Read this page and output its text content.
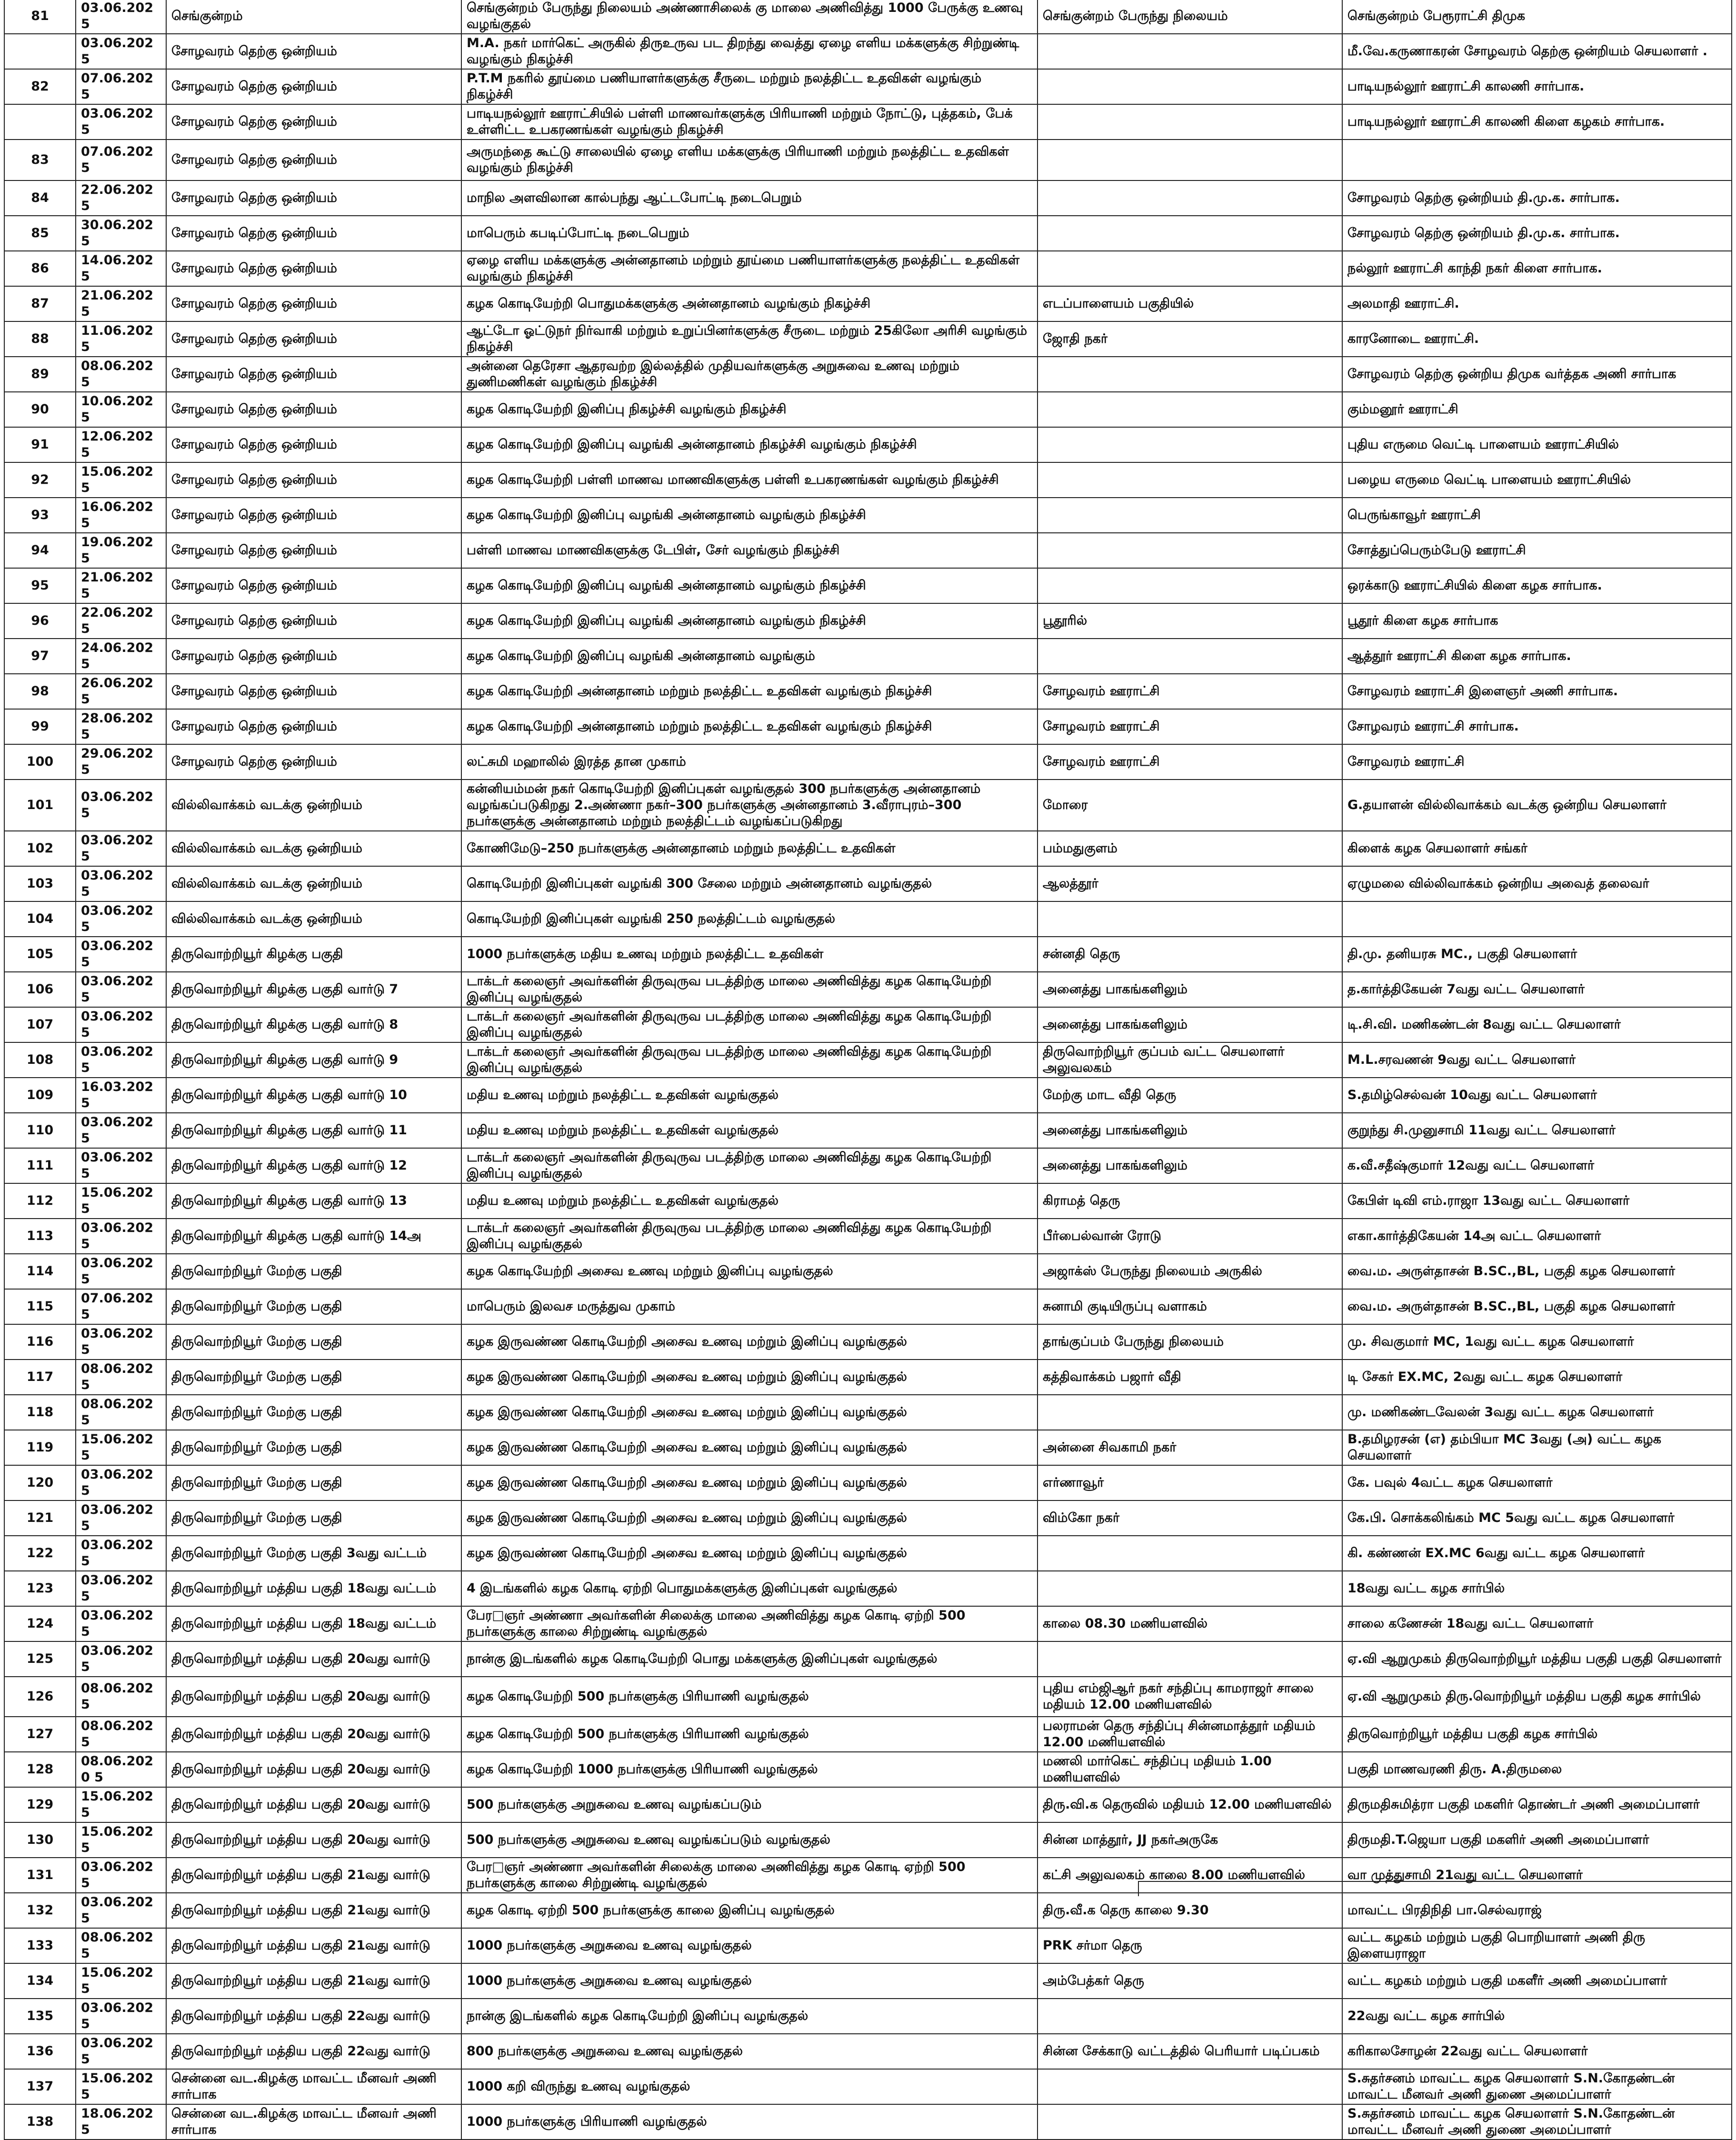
81	03.06.2025	செங்குன்றம்	செங்குன்றம் பேருந்து நிலையம் அண்ணாசிலைக் கு மாலை அணிவித்து 1000 பேருக்கு உணவு வழங்குதல்	செங்குன்றம் பேருந்து நிலையம்	செங்குன்றம் பேரூராட்சி திமுக
	03.06.2025	சோழவரம் தெற்கு ஒன்றியம்	M.A. நகர் மார்கெட் அருகில் திருஉருவ பட திறந்து வைத்து ஏழை எளிய மக்களுக்கு சிற்றுண்டி வழங்கும் நிகழ்ச்சி		மீ.வே.கருணாகரன் சோழவரம் தெற்கு ஒன்றியம் செயலாளர் .
82	07.06.2025	சோழவரம் தெற்கு ஒன்றியம்	P.T.M நகரில் தூய்மை பணியாளர்களுக்கு சீருடை மற்றும் நலத்திட்ட உதவிகள் வழங்கும் நிகழ்ச்சி		பாடியநல்லூர் ஊராட்சி காலணி சார்பாக.
	03.06.2025	சோழவரம் தெற்கு ஒன்றியம்	பாடியநல்லூர் ஊராட்சியில் பள்ளி மாணவர்களுக்கு பிரியாணி மற்றும் நோட்டு, புத்தகம், பேக் உள்ளிட்ட உபகரணங்கள் வழங்கும் நிகழ்ச்சி		பாடியநல்லூர் ஊராட்சி காலணி கிளை கழகம் சார்பாக.
83	07.06.2025	சோழவரம் தெற்கு ஒன்றியம்	அருமந்தை கூட்டு சாலையில் ஏழை எளிய மக்களுக்கு பிரியாணி மற்றும் நலத்திட்ட உதவிகள் வழங்கும் நிகழ்ச்சி		
84	22.06.2025	சோழவரம் தெற்கு ஒன்றியம்	மாநில அளவிலான கால்பந்து ஆட்டபோட்டி நடைபெறும்		சோழவரம் தெற்கு ஒன்றியம் தி.மு.க. சார்பாக.
85	30.06.2025	சோழவரம் தெற்கு ஒன்றியம்	மாபெரும் கபடிப்போட்டி நடைபெறும்		சோழவரம் தெற்கு ஒன்றியம் தி.மு.க. சார்பாக.
86	14.06.2025	சோழவரம் தெற்கு ஒன்றியம்	ஏழை எளிய மக்களுக்கு அன்னதானம் மற்றும் தூய்மை பணியாளர்களுக்கு நலத்திட்ட உதவிகள் வழங்கும் நிகழ்ச்சி		நல்லூர் ஊராட்சி காந்தி நகர் கிளை சார்பாக.
87	21.06.2025	சோழவரம் தெற்கு ஒன்றியம்	கழக கொடியேற்றி பொதுமக்களுக்கு அன்னதானம் வழங்கும் நிகழ்ச்சி	எடப்பாளையம் பகுதியில்	அலமாதி ஊராட்சி.
88	11.06.2025	சோழவரம் தெற்கு ஒன்றியம்	ஆட்டோ ஓட்டுநர் நிர்வாகி மற்றும் உறுப்பினர்களுக்கு சீருடை மற்றும் 25கிலோ அரிசி வழங்கும் நிகழ்ச்சி	ஜோதி நகர்	காரனோடை ஊராட்சி.
89	08.06.2025	சோழவரம் தெற்கு ஒன்றியம்	அன்னை தெரேசா ஆதரவற்ற இல்லத்தில் முதியவர்களுக்கு அறுசுவை உணவு மற்றும் துணிமணிகள் வழங்கும் நிகழ்ச்சி		சோழவரம் தெற்கு ஒன்றிய திமுக வர்த்தக அணி சார்பாக
90	10.06.2025	சோழவரம் தெற்கு ஒன்றியம்	கழக கொடியேற்றி இனிப்பு நிகழ்ச்சி வழங்கும் நிகழ்ச்சி		கும்மனூர் ஊராட்சி
91	12.06.2025	சோழவரம் தெற்கு ஒன்றியம்	கழக கொடியேற்றி இனிப்பு வழங்கி அன்னதானம் நிகழ்ச்சி வழங்கும் நிகழ்ச்சி		புதிய எருமை வெட்டி பாளையம் ஊராட்சியில்
92	15.06.2025	சோழவரம் தெற்கு ஒன்றியம்	கழக கொடியேற்றி பள்ளி மாணவ மாணவிகளுக்கு பள்ளி உபகரணங்கள் வழங்கும் நிகழ்ச்சி		பழைய எருமை வெட்டி பாளையம் ஊராட்சியில்
93	16.06.2025	சோழவரம் தெற்கு ஒன்றியம்	கழக கொடியேற்றி இனிப்பு வழங்கி அன்னதானம் வழங்கும் நிகழ்ச்சி		பெருங்காவூர் ஊராட்சி
94	19.06.2025	சோழவரம் தெற்கு ஒன்றியம்	பள்ளி மாணவ மாணவிகளுக்கு டேபிள், சேர் வழங்கும் நிகழ்ச்சி		சோத்துப்பெரும்பேடு ஊராட்சி
95	21.06.2025	சோழவரம் தெற்கு ஒன்றியம்	கழக கொடியேற்றி இனிப்பு வழங்கி அன்னதானம் வழங்கும் நிகழ்ச்சி		ஒரக்காடு ஊராட்சியில் கிளை கழக சார்பாக.
96	22.06.2025	சோழவரம் தெற்கு ஒன்றியம்	கழக கொடியேற்றி இனிப்பு வழங்கி அன்னதானம் வழங்கும் நிகழ்ச்சி	பூதூரில்	பூதூர் கிளை கழக சார்பாக
97	24.06.2025	சோழவரம் தெற்கு ஒன்றியம்	கழக கொடியேற்றி இனிப்பு வழங்கி அன்னதானம் வழங்கும்		ஆத்தூர் ஊராட்சி கிளை கழக சார்பாக.
98	26.06.2025	சோழவரம் தெற்கு ஒன்றியம்	கழக கொடியேற்றி அன்னதானம் மற்றும் நலத்திட்ட உதவிகள் வழங்கும் நிகழ்ச்சி	சோழவரம் ஊராட்சி	சோழவரம் ஊராட்சி இளைஞர் அணி சார்பாக.
99	28.06.2025	சோழவரம் தெற்கு ஒன்றியம்	கழக கொடியேற்றி அன்னதானம் மற்றும் நலத்திட்ட உதவிகள் வழங்கும் நிகழ்ச்சி	சோழவரம் ஊராட்சி	சோழவரம் ஊராட்சி சார்பாக.
100	29.06.2025	சோழவரம் தெற்கு ஒன்றியம்	லட்சுமி மஹாலில் இரத்த தான முகாம்	சோழவரம் ஊராட்சி	சோழவரம் ஊராட்சி
101	03.06.2025	வில்லிவாக்கம் வடக்கு ஒன்றியம்	கன்னியம்மன் நகர் கொடியேற்றி இனிப்புகள் வழங்குதல் 300 நபர்களுக்கு அன்னதானம் வழங்கப்படுகிறது 2.அண்ணா நகர்–300 நபர்களுக்கு அன்னதானம் 3.வீராபுரம்–300 நபர்களுக்கு அன்னதானம் மற்றும் நலத்திட்டம் வழங்கப்படுகிறது	மோரை	G.தயாளன் வில்லிவாக்கம் வடக்கு ஒன்றிய செயலாளர்
102	03.06.2025	வில்லிவாக்கம் வடக்கு ஒன்றியம்	கோணிமேடு–250 நபர்களுக்கு அன்னதானம் மற்றும் நலத்திட்ட உதவிகள்	பம்மதுகுளம்	கிளைக் கழக செயலாளர் சங்கர்
103	03.06.2025	வில்லிவாக்கம் வடக்கு ஒன்றியம்	கொடியேற்றி இனிப்புகள் வழங்கி 300 சேலை மற்றும் அன்னதானம் வழங்குதல்	ஆலத்தூர்	ஏழுமலை வில்லிவாக்கம் ஒன்றிய அவைத் தலைவர்
104	03.06.2025	வில்லிவாக்கம் வடக்கு ஒன்றியம்	கொடியேற்றி இனிப்புகள் வழங்கி 250 நலத்திட்டம் வழங்குதல்		
105	03.06.2025	திருவொற்றியூர் கிழக்கு பகுதி	1000 நபர்களுக்கு மதிய உணவு மற்றும் நலத்திட்ட உதவிகள்	சன்னதி தெரு	தி.மு. தனியரசு MC., பகுதி செயலாளர்
106	03.06.2025	திருவொற்றியூர் கிழக்கு பகுதி வார்டு 7	டாக்டர் கலைஞர் அவர்களின் திருவுருவ படத்திற்கு மாலை அணிவித்து கழக கொடியேற்றி இனிப்பு வழங்குதல்	அனைத்து பாகங்களிலும்	த.கார்த்திகேயன் 7வது வட்ட செயலாளர்
107	03.06.2025	திருவொற்றியூர் கிழக்கு பகுதி வார்டு 8	டாக்டர் கலைஞர் அவர்களின் திருவுருவ படத்திற்கு மாலை அணிவித்து கழக கொடியேற்றி இனிப்பு வழங்குதல்	அனைத்து பாகங்களிலும்	டி.சி.வி. மணிகண்டன் 8வது வட்ட செயலாளர்
108	03.06.2025	திருவொற்றியூர் கிழக்கு பகுதி வார்டு 9	டாக்டர் கலைஞர் அவர்களின் திருவுருவ படத்திற்கு மாலை அணிவித்து கழக கொடியேற்றி இனிப்பு வழங்குதல்	திருவொற்றியூர் குப்பம் வட்ட செயலாளர் அலுவலகம்	M.L.சரவணன் 9வது வட்ட செயலாளர்
109	16.03.2025	திருவொற்றியூர் கிழக்கு பகுதி வார்டு 10	மதிய உணவு மற்றும் நலத்திட்ட உதவிகள் வழங்குதல்	மேற்கு மாட வீதி தெரு	S.தமிழ்செல்வன் 10வது வட்ட செயலாளர்
110	03.06.2025	திருவொற்றியூர் கிழக்கு பகுதி வார்டு 11	மதிய உணவு மற்றும் நலத்திட்ட உதவிகள் வழங்குதல்	அனைத்து பாகங்களிலும்	குறுந்து சி.முனுசாமி 11வது வட்ட செயலாளர்
111	03.06.2025	திருவொற்றியூர் கிழக்கு பகுதி வார்டு 12	டாக்டர் கலைஞர் அவர்களின் திருவுருவ படத்திற்கு மாலை அணிவித்து கழக கொடியேற்றி இனிப்பு வழங்குதல்	அனைத்து பாகங்களிலும்	க.வீ.சதீஷ்குமார் 12வது வட்ட செயலாளர்
112	15.06.2025	திருவொற்றியூர் கிழக்கு பகுதி வார்டு 13	மதிய உணவு மற்றும் நலத்திட்ட உதவிகள் வழங்குதல்	கிராமத் தெரு	கேபிள் டிவி எம்.ராஜா 13வது வட்ட செயலாளர்
113	03.06.2025	திருவொற்றியூர் கிழக்கு பகுதி வார்டு 14அ	டாக்டர் கலைஞர் அவர்களின் திருவுருவ படத்திற்கு மாலை அணிவித்து கழக கொடியேற்றி இனிப்பு வழங்குதல்	பீர்பைல்வான் ரோடு	எகா.கார்த்திகேயன் 14அ வட்ட செயலாளர்
114	03.06.2025	திருவொற்றியூர் மேற்கு பகுதி	கழக கொடியேற்றி அசைவ உணவு மற்றும் இனிப்பு வழங்குதல்	அஜாக்ஸ் பேருந்து நிலையம் அருகில்	வை.ம. அருள்தாசன் B.SC.,BL, பகுதி கழக செயலாளர்
115	07.06.2025	திருவொற்றியூர் மேற்கு பகுதி	மாபெரும் இலவச மருத்துவ முகாம்	சுனாமி குடியிருப்பு வளாகம்	வை.ம. அருள்தாசன் B.SC.,BL, பகுதி கழக செயலாளர்
116	03.06.2025	திருவொற்றியூர் மேற்கு பகுதி	கழக இருவண்ண கொடியேற்றி அசைவ உணவு மற்றும் இனிப்பு வழங்குதல்	தாங்குப்பம் பேருந்து நிலையம்	மு. சிவகுமார் MC, 1வது வட்ட கழக செயலாளர்
117	08.06.2025	திருவொற்றியூர் மேற்கு பகுதி	கழக இருவண்ண கொடியேற்றி அசைவ உணவு மற்றும் இனிப்பு வழங்குதல்	கத்திவாக்கம் பஜார் வீதி	டி சேகர் EX.MC, 2வது வட்ட கழக செயலாளர்
118	08.06.2025	திருவொற்றியூர் மேற்கு பகுதி	கழக இருவண்ண கொடியேற்றி அசைவ உணவு மற்றும் இனிப்பு வழங்குதல்		மு. மணிகண்டவேலன் 3வது வட்ட கழக செயலாளர்
119	15.06.2025	திருவொற்றியூர் மேற்கு பகுதி	கழக இருவண்ண கொடியேற்றி அசைவ உணவு மற்றும் இனிப்பு வழங்குதல்	அன்னை சிவகாமி நகர்	B.தமிழரசன் (எ) தம்பியா MC 3வது (அ) வட்ட கழக செயலாளர்
120	03.06.2025	திருவொற்றியூர் மேற்கு பகுதி	கழக இருவண்ண கொடியேற்றி அசைவ உணவு மற்றும் இனிப்பு வழங்குதல்	எர்ணாவூர்	கே. பவுல் 4வட்ட கழக செயலாளர்
121	03.06.2025	திருவொற்றியூர் மேற்கு பகுதி	கழக இருவண்ண கொடியேற்றி அசைவ உணவு மற்றும் இனிப்பு வழங்குதல்	விம்கோ நகர்	கே.பி. சொக்கலிங்கம் MC 5வது வட்ட கழக செயலாளர்
122	03.06.2025	திருவொற்றியூர் மேற்கு பகுதி 3வது வட்டம்	கழக இருவண்ண கொடியேற்றி அசைவ உணவு மற்றும் இனிப்பு வழங்குதல்		கி. கண்ணன் EX.MC 6வது வட்ட கழக செயலாளர்
123	03.06.2025	திருவொற்றியூர் மத்திய பகுதி 18வது வட்டம்	4 இடங்களில் கழக கொடி ஏற்றி பொதுமக்களுக்கு இனிப்புகள் வழங்குதல்		18வது வட்ட கழக சார்பில்
124	03.06.2025	திருவொற்றியூர் மத்திய பகுதி 18வது வட்டம்	பேர□ஞர் அண்ணா அவர்களின் சிலைக்கு மாலை அணிவித்து கழக கொடி ஏற்றி 500 நபர்களுக்கு காலை சிற்றுண்டி வழங்குதல்	காலை 08.30 மணியளவில்	சாலை கணேசன் 18வது வட்ட செயலாளர்
125	03.06.2025	திருவொற்றியூர் மத்திய பகுதி 20வது வார்டு	நான்கு இடங்களில் கழக கொடியேற்றி பொது மக்களுக்கு இனிப்புகள் வழங்குதல்		ஏ.வி ஆறுமுகம் திருவொற்றியூர் மத்திய பகுதி பகுதி செயலாளர்
126	08.06.2025	திருவொற்றியூர் மத்திய பகுதி 20வது வார்டு	கழக கொடியேற்றி 500 நபர்களுக்கு பிரியாணி வழங்குதல்	புதிய எம்ஜிஆர் நகர் சந்திப்பு காமராஜர் சாலை மதியம் 12.00 மணியளவில்	ஏ.வி ஆறுமுகம் திரு.வொற்றியூர் மத்திய பகுதி கழக சார்பில்
127	08.06.2025	திருவொற்றியூர் மத்திய பகுதி 20வது வார்டு	கழக கொடியேற்றி 500 நபர்களுக்கு பிரியாணி வழங்குதல்	பலராமன் தெரு சந்திப்பு சின்னமாத்தூர் மதியம் 12.00 மணியளவில்	திருவொற்றியூர் மத்திய பகுதி கழக சார்பில்
128	08.06.2020 5	திருவொற்றியூர் மத்திய பகுதி 20வது வார்டு	கழக கொடியேற்றி 1000 நபர்களுக்கு பிரியாணி வழங்குதல்	மணலி மார்கெட் சந்திப்பு மதியம் 1.00 மணியளவில்	பகுதி மாணவரணி திரு. A.திருமலை
129	15.06.2025	திருவொற்றியூர் மத்திய பகுதி 20வது வார்டு	500 நபர்களுக்கு அறுசுவை உணவு வழங்கப்படும்	திரு.வி.க தெருவில் மதியம் 12.00 மணியளவில்	திருமதிசுமித்ரா பகுதி மகளிர் தொண்டர் அணி அமைப்பாளர்
130	15.06.2025	திருவொற்றியூர் மத்திய பகுதி 20வது வார்டு	500 நபர்களுக்கு அறுசுவை உணவு வழங்கப்படும் வழங்குதல்	சின்ன மாத்தூர், JJ நகர்அருகே	திருமதி.T.ஜெயா பகுதி மகளிர் அணி அமைப்பாளர்
131	03.06.2025	திருவொற்றியூர் மத்திய பகுதி 21வது வார்டு	பேர□ஞர் அண்ணா அவர்களின் சிலைக்கு மாலை அணிவித்து கழக கொடி ஏற்றி 500 நபர்களுக்கு காலை சிற்றுண்டி வழங்குதல்	கட்சி அலுவலகம் காலை 8.00 மணியளவில்	வா முத்துசாமி 21வது வட்ட செயலாளர்
132	03.06.2025	திருவொற்றியூர் மத்திய பகுதி 21வது வார்டு	கழக கொடி ஏற்றி 500 நபர்களுக்கு காலை இனிப்பு வழங்குதல்	திரு.வீ.க தெரு காலை 9.30	மாவட்ட பிரதிநிதி பா.செல்வராஜ்
133	08.06.2025	திருவொற்றியூர் மத்திய பகுதி 21வது வார்டு	1000 நபர்களுக்கு அறுசுவை உணவு வழங்குதல்	PRK சர்மா தெரு	வட்ட கழகம் மற்றும் பகுதி பொறியாளர் அணி திரு இளையராஜா
134	15.06.2025	திருவொற்றியூர் மத்திய பகுதி 21வது வார்டு	1000 நபர்களுக்கு அறுசுவை உணவு வழங்குதல்	அம்பேத்கர் தெரு	வட்ட கழகம் மற்றும் பகுதி மகளீர் அணி அமைப்பாளர்
135	03.06.2025	திருவொற்றியூர் மத்திய பகுதி 22வது வார்டு	நான்கு இடங்களில் கழக கொடியேற்றி இனிப்பு வழங்குதல்		22வது வட்ட கழக சார்பில்
136	03.06.2025	திருவொற்றியூர் மத்திய பகுதி 22வது வார்டு	800 நபர்களுக்கு அறுசுவை உணவு வழங்குதல்	சின்ன சேக்காடு வட்டத்தில் பெரியார் படிப்பகம்	கரிகாலசோழன் 22வது வட்ட செயலாளர்
137	15.06.2025	சென்னை வட.கிழக்கு மாவட்ட மீனவர் அணி சார்பாக	1000 கறி விருந்து உணவு வழங்குதல்		S.சுதர்சனம் மாவட்ட கழக செயலாளர் S.N.கோதண்டன் மாவட்ட மீனவர் அணி துணை அமைப்பாளர்
138	18.06.2025	சென்னை வட.கிழக்கு மாவட்ட மீனவர் அணி சார்பாக	1000 நபர்களுக்கு பிரியாணி வழங்குதல்		S.சுதர்சனம் மாவட்ட கழக செயலாளர் S.N.கோதண்டன் மாவட்ட மீனவர் அணி துணை அமைப்பாளர்
